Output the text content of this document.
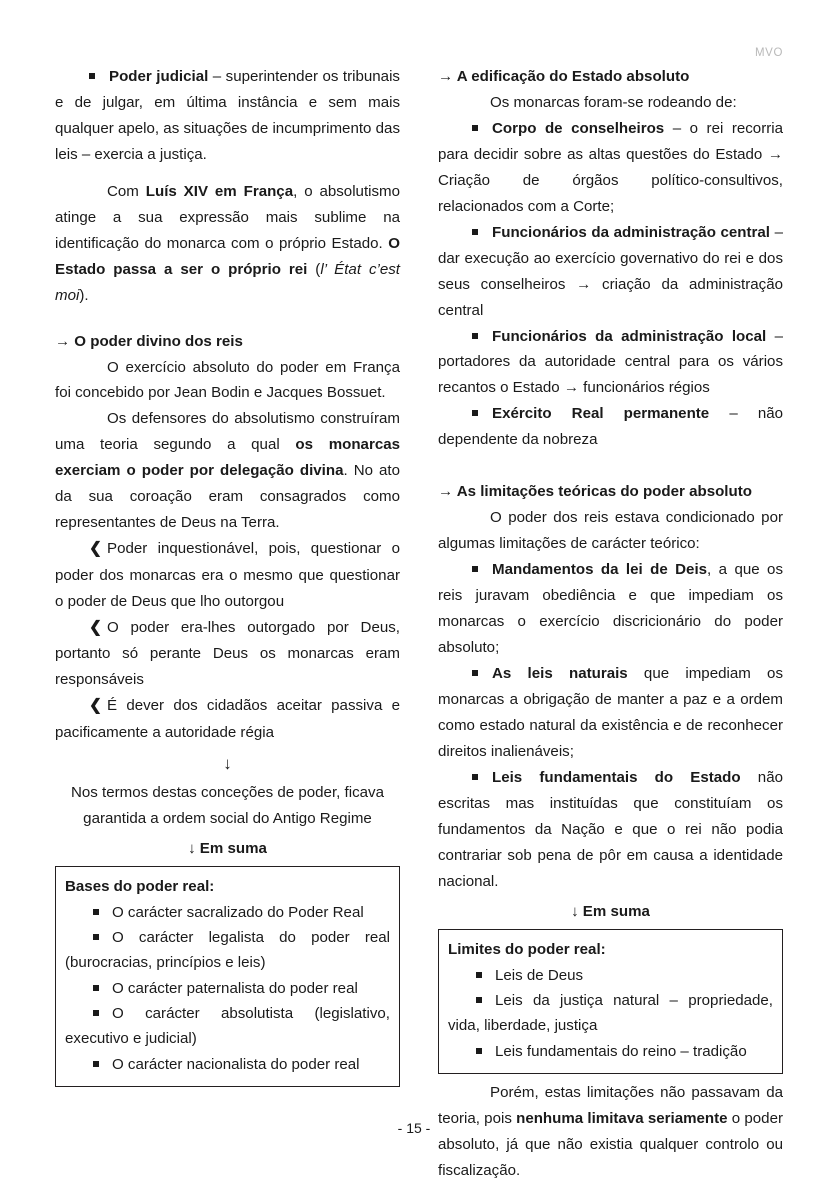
MVO

Poder judicial – superintender os tribunais e de julgar, em última instância e sem mais qualquer apelo, as situações de incumprimento das leis – exercia a justiça.

Com Luís XIV em França, o absolutismo atinge a sua expressão mais sublime na identificação do monarca com o próprio Estado. O Estado passa a ser o próprio rei (l’ État c’est moi).

→ O poder divino dos reis

O exercício absoluto do poder em França foi concebido por Jean Bodin e Jacques Bossuet.

Os defensores do absolutismo construíram uma teoria segundo a qual os monarcas exerciam o poder por delegação divina. No ato da sua coroação eram consagrados como representantes de Deus na Terra.

❮ Poder inquestionável, pois, questionar o poder dos monarcas era o mesmo que questionar o poder de Deus que lho outorgou

❮ O poder era-lhes outorgado por Deus, portanto só perante Deus os monarcas eram responsáveis

❮ É dever dos cidadãos aceitar passiva e pacificamente a autoridade régia

↓

Nos termos destas conceções de poder, ficava garantida a ordem social do Antigo Regime

↓ Em suma

Bases do poder real:

O carácter sacralizado do Poder Real

O carácter legalista do poder real (burocracias, princípios e leis)

O carácter paternalista do poder real

O carácter absolutista (legislativo, executivo e judicial)

O carácter nacionalista do poder real

→ A edificação do Estado absoluto

Os monarcas foram-se rodeando de:

Corpo de conselheiros – o rei recorria para decidir sobre as altas questões do Estado → Criação de órgãos político-consultivos, relacionados com a Corte;

Funcionários da administração central – dar execução ao exercício governativo do rei e dos seus conselheiros → criação da administração central

Funcionários da administração local – portadores da autoridade central para os vários recantos o Estado → funcionários régios

Exército Real permanente – não dependente da nobreza

→ As limitações teóricas do poder absoluto

O poder dos reis estava condicionado por algumas limitações de carácter teórico:

Mandamentos da lei de Deis, a que os reis juravam obediência e que impediam os monarcas o exercício discricionário do poder absoluto;

As leis naturais que impediam os monarcas a obrigação de manter a paz e a ordem como estado natural da existência e de reconhecer direitos inalienáveis;

Leis fundamentais do Estado não escritas mas instituídas que constituíam os fundamentos da Nação e que o rei não podia contrariar sob pena de pôr em causa a identidade nacional.

↓ Em suma

Limites do poder real:

Leis de Deus

Leis da justiça natural – propriedade, vida, liberdade, justiça

Leis fundamentais do reino – tradição

Porém, estas limitações não passavam da teoria, pois nenhuma limitava seriamente o poder absoluto, já que não existia qualquer controlo ou fiscalização.

- 15 -
